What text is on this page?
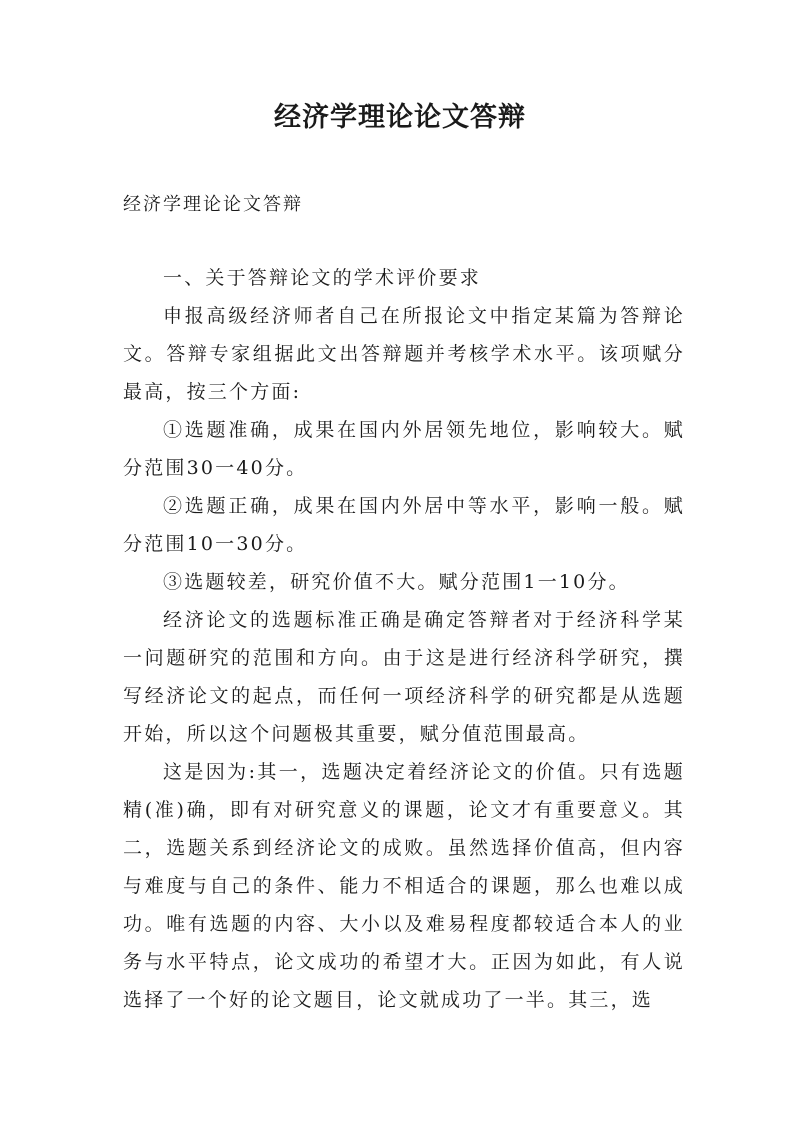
经济学理论论文答辩

经济学理论论文答辩

一、关于答辩论文的学术评价要求

申报高级经济师者自己在所报论文中指定某篇为答辩论文。答辩专家组据此文出答辩题并考核学术水平。该项赋分最高，按三个方面:

①选题准确，成果在国内外居领先地位，影响较大。赋分范围30一40分。

②选题正确，成果在国内外居中等水平，影响一般。赋分范围10一30分。

③选题较差，研究价值不大。赋分范围1一10分。

经济论文的选题标准正确是确定答辩者对于经济科学某一问题研究的范围和方向。由于这是进行经济科学研究，撰写经济论文的起点，而任何一项经济科学的研究都是从选题开始，所以这个问题极其重要，赋分值范围最高。

这是因为:其一，选题决定着经济论文的价值。只有选题精(准)确，即有对研究意义的课题，论文才有重要意义。其二，选题关系到经济论文的成败。虽然选择价值高，但内容与难度与自己的条件、能力不相适合的课题，那么也难以成功。唯有选题的内容、大小以及难易程度都较适合本人的业务与水平特点，论文成功的希望才大。正因为如此，有人说选择了一个好的论文题目，论文就成功了一半。其三，选
